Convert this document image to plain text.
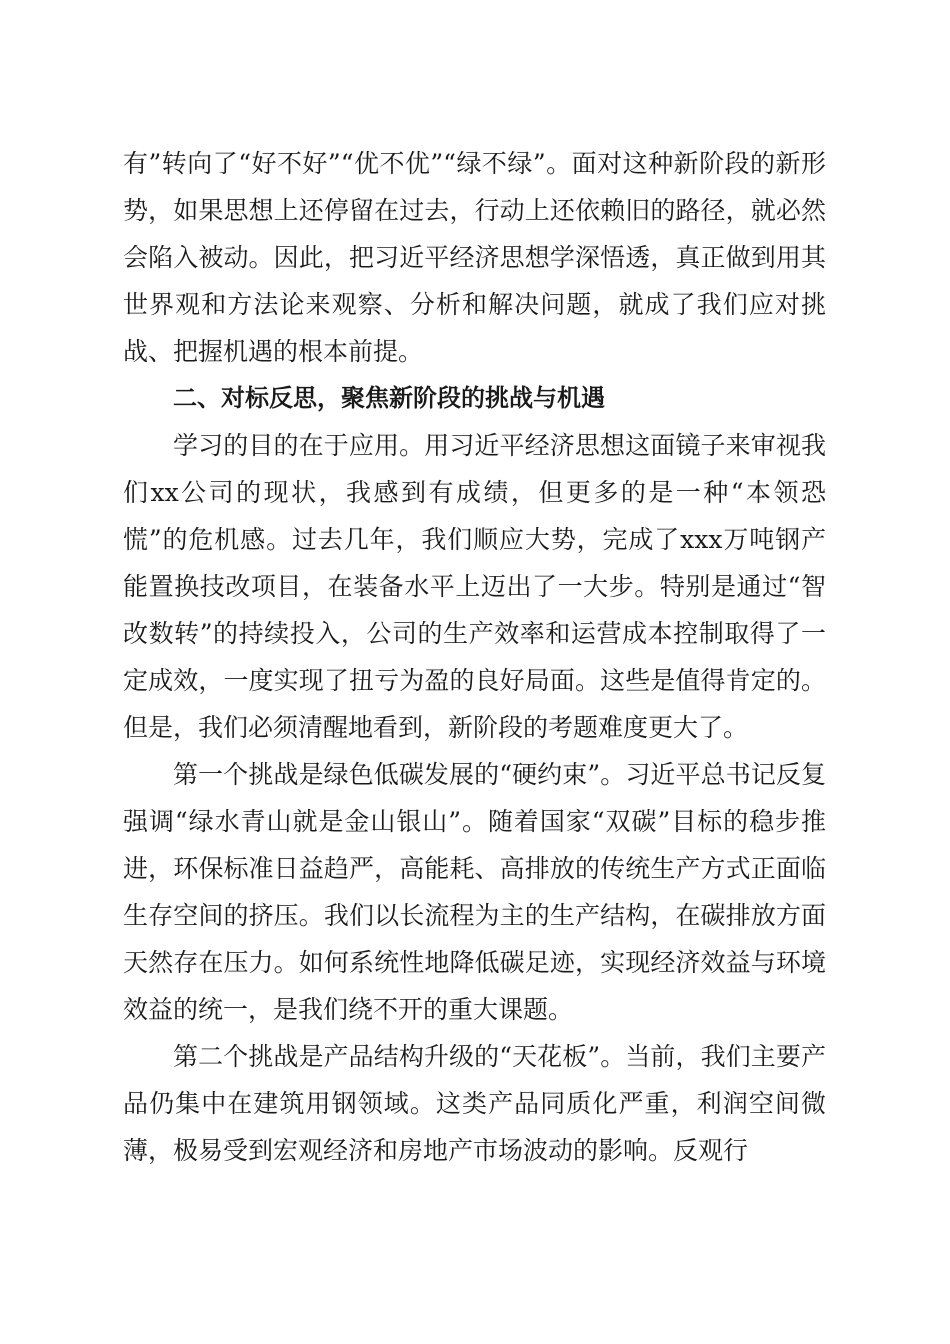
有”转向了“好不好”“优不优”“绿不绿”。面对这种新阶段的新形势，如果思想上还停留在过去，行动上还依赖旧的路径，就必然会陷入被动。因此，把习近平经济思想学深悟透，真正做到用其世界观和方法论来观察、分析和解决问题，就成了我们应对挑战、把握机遇的根本前提。

二、对标反思，聚焦新阶段的挑战与机遇

学习的目的在于应用。用习近平经济思想这面镜子来审视我们xx公司的现状，我感到有成绩，但更多的是一种“本领恐慌”的危机感。过去几年，我们顺应大势，完成了xxx万吨钢产能置换技改项目，在装备水平上迈出了一大步。特别是通过“智改数转”的持续投入，公司的生产效率和运营成本控制取得了一定成效，一度实现了扭亏为盈的良好局面。这些是值得肯定的。但是，我们必须清醒地看到，新阶段的考题难度更大了。

第一个挑战是绿色低碳发展的“硬约束”。习近平总书记反复强调“绿水青山就是金山银山”。随着国家“双碳”目标的稳步推进，环保标准日益趋严，高能耗、高排放的传统生产方式正面临生存空间的挤压。我们以长流程为主的生产结构，在碳排放方面天然存在压力。如何系统性地降低碳足迹，实现经济效益与环境效益的统一，是我们绕不开的重大课题。

第二个挑战是产品结构升级的“天花板”。当前，我们主要产品仍集中在建筑用钢领域。这类产品同质化严重，利润空间微薄，极易受到宏观经济和房地产市场波动的影响。反观行
